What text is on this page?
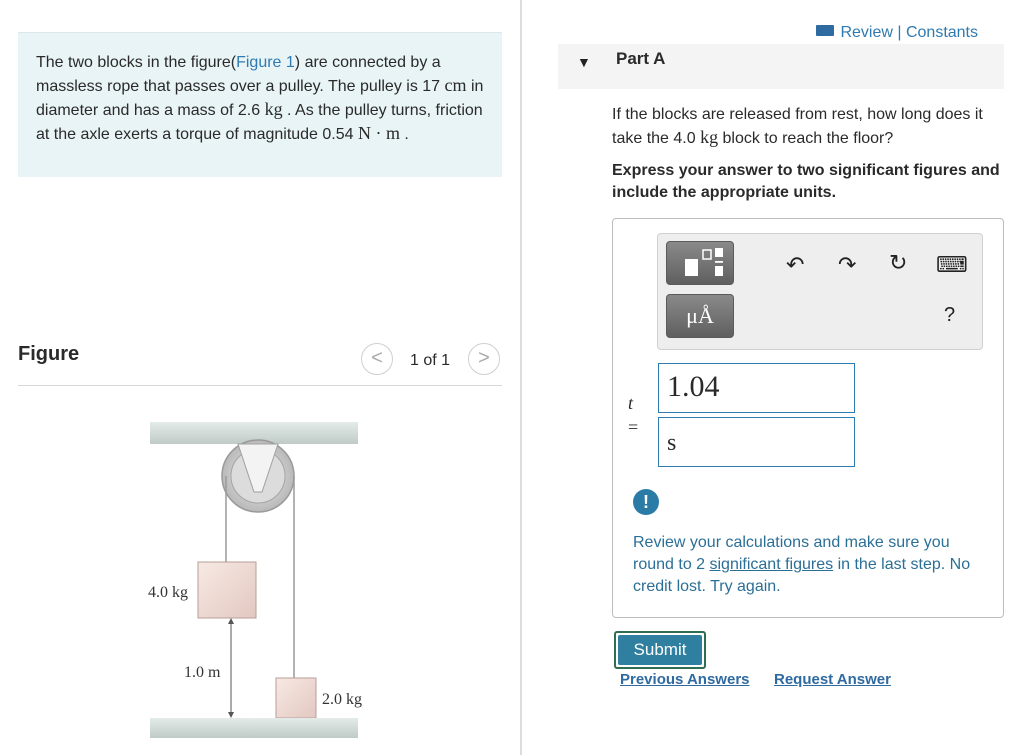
The two blocks in the figure(Figure 1) are connected by a massless rope that passes over a pulley. The pulley is 17 cm in diameter and has a mass of 2.6 kg . As the pulley turns, friction at the axle exerts a torque of magnitude 0.54 N · m .
Figure	<	1 of 1	>
4.0 kg
1.0 m
2.0 kg
Review | Constants
▼ Part A
If the blocks are released from rest, how long does it take the 4.0 kg block to reach the floor?
Express your answer to two significant figures and include the appropriate units.
μÅ
↶ ↷ ↻ ⌨
?
t
=
1.04
s
!
Review your calculations and make sure you round to 2 significant figures in the last step. No credit lost. Try again.
Submit
Previous Answers Request Answer
